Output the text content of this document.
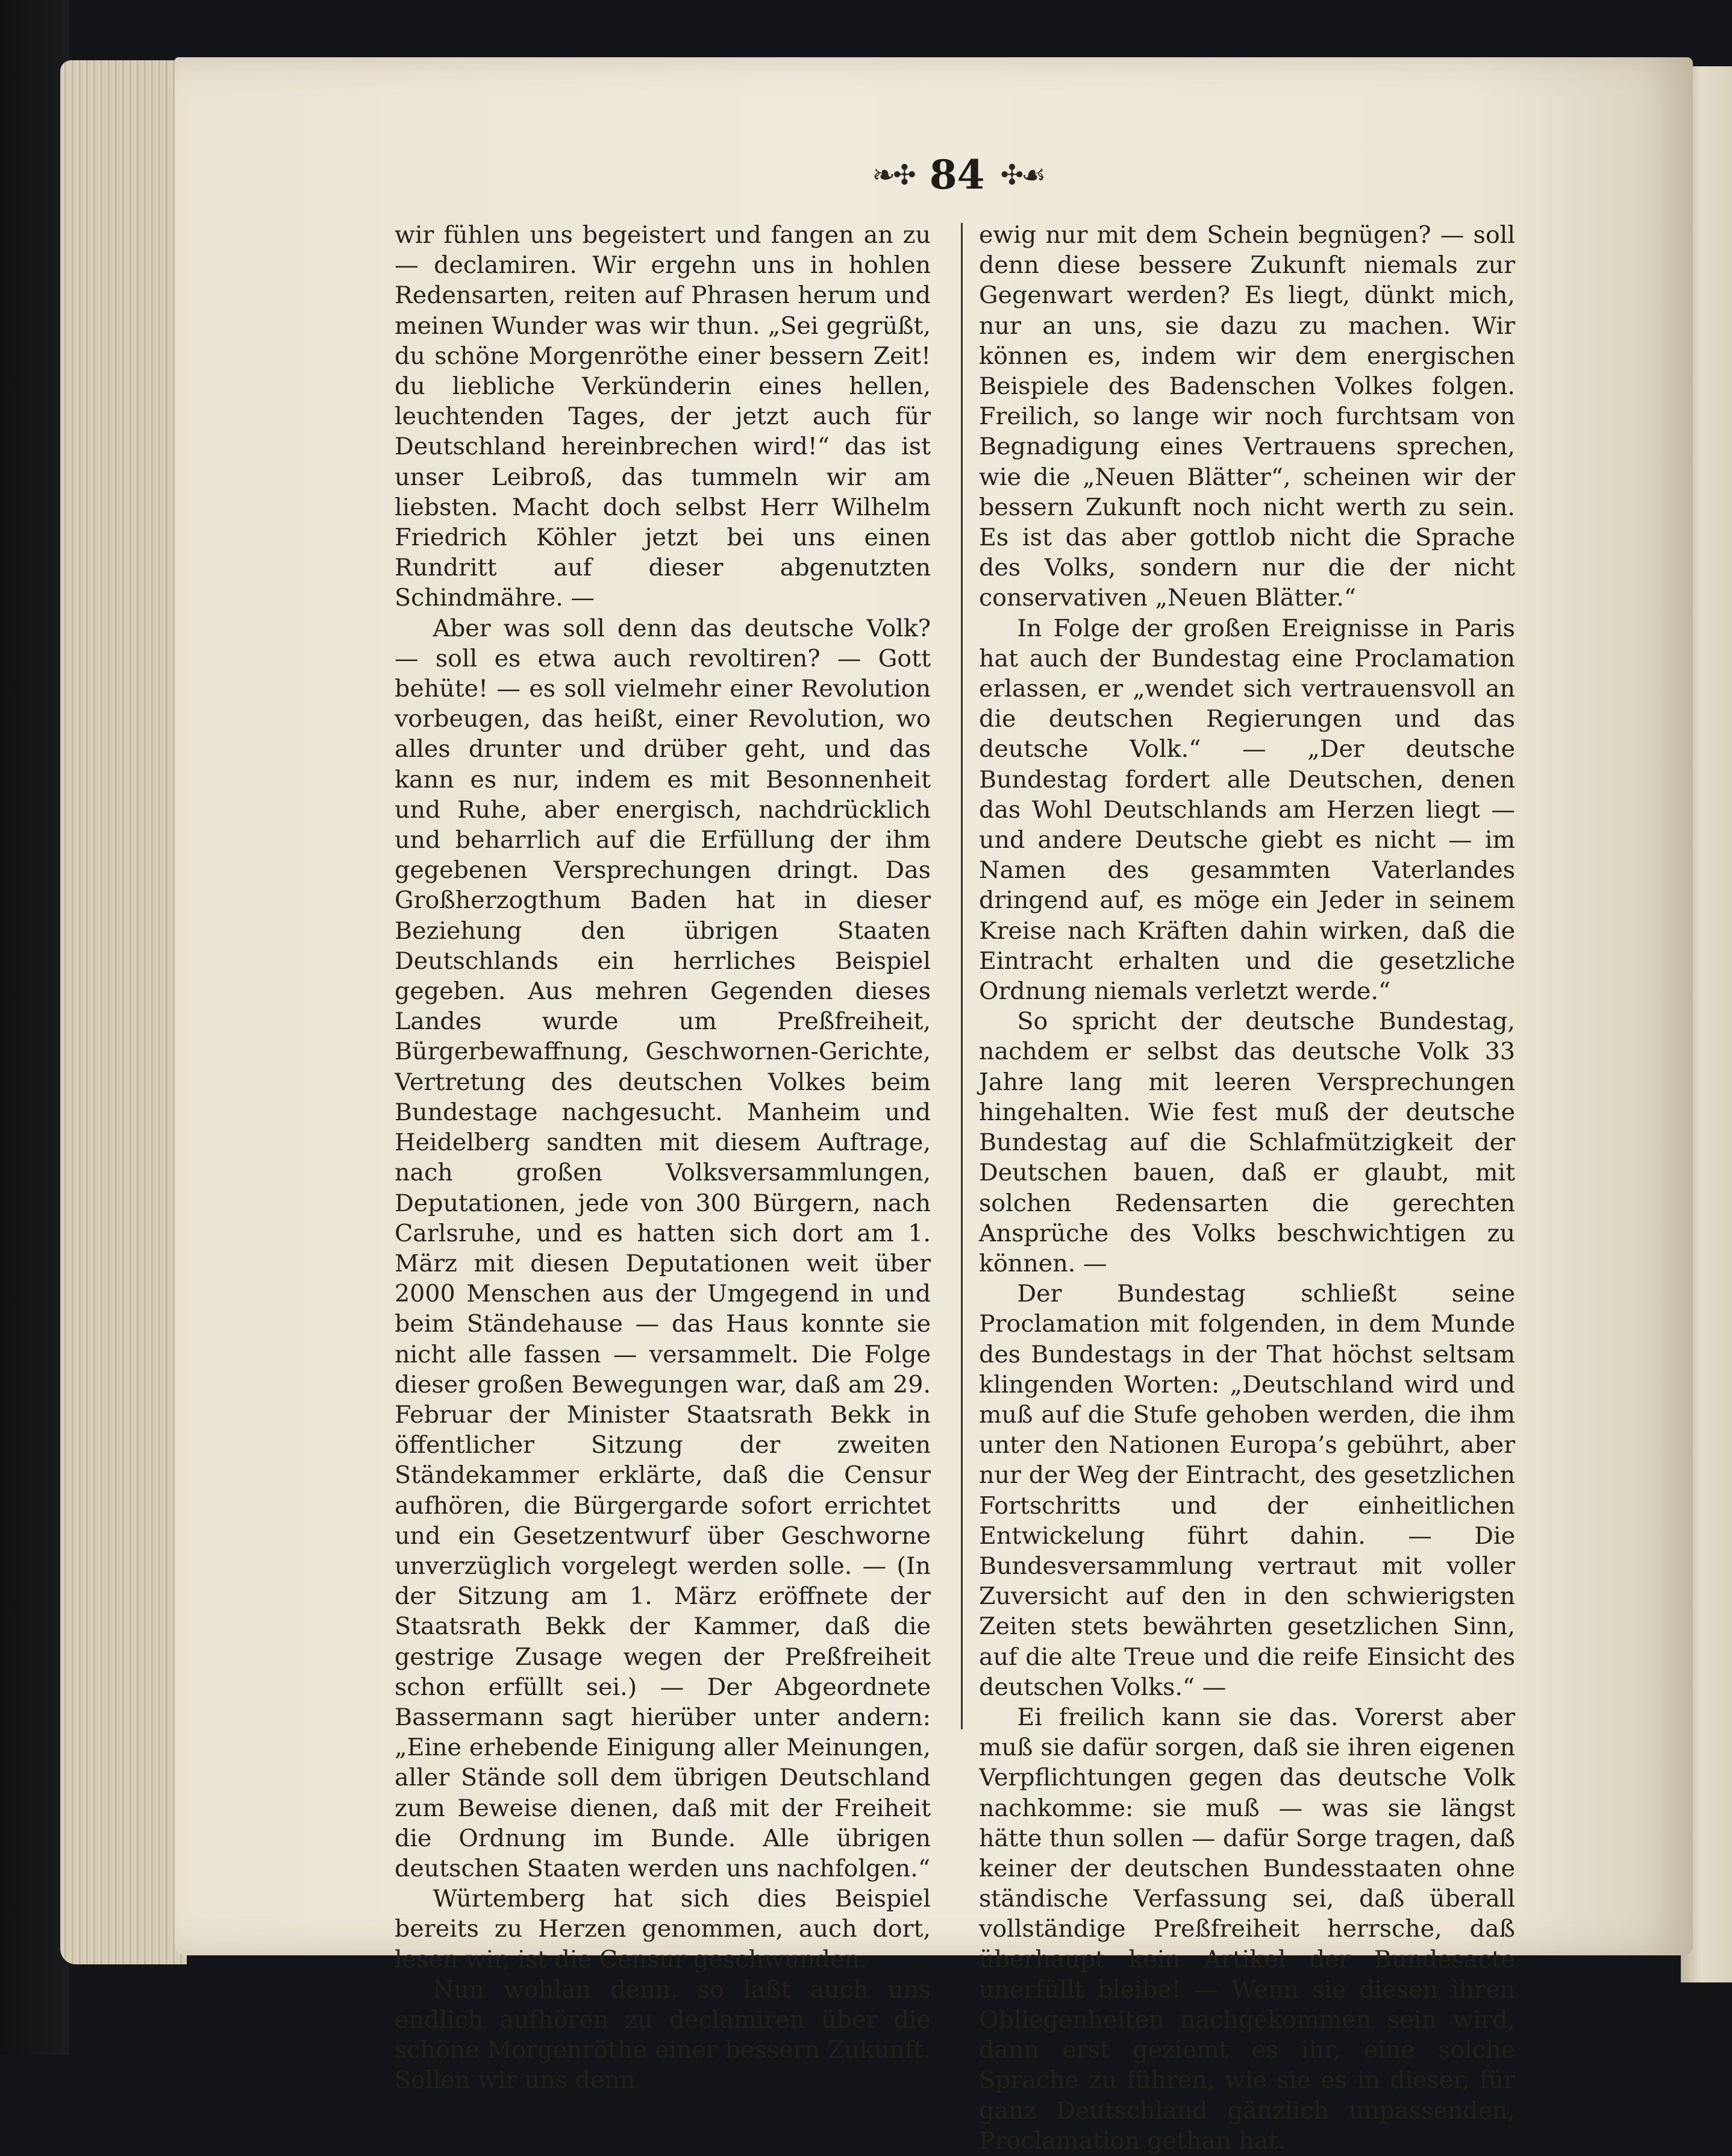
❧✣ 84 ✣☙

wir fühlen uns begeistert und fangen an zu — declamiren. Wir ergehn uns in hohlen Redensarten, reiten auf Phrasen herum und meinen Wunder was wir thun. „Sei gegrüßt, du schöne Morgenröthe einer bessern Zeit! du liebliche Verkünderin eines hellen, leuchtenden Tages, der jetzt auch für Deutschland hereinbrechen wird!“ das ist unser Leibroß, das tummeln wir am liebsten. Macht doch selbst Herr Wilhelm Friedrich Köhler jetzt bei uns einen Rundritt auf dieser abgenutzten Schindmähre. —

Aber was soll denn das deutsche Volk? — soll es etwa auch revoltiren? — Gott behüte! — es soll vielmehr einer Revolution vorbeugen, das heißt, einer Revolution, wo alles drunter und drüber geht, und das kann es nur, indem es mit Besonnenheit und Ruhe, aber energisch, nachdrücklich und beharrlich auf die Erfüllung der ihm gegebenen Versprechungen dringt. Das Großherzogthum Baden hat in dieser Beziehung den übrigen Staaten Deutschlands ein herrliches Beispiel gegeben. Aus mehren Gegenden dieses Landes wurde um Preßfreiheit, Bürgerbewaffnung, Geschwornen-Gerichte, Vertretung des deutschen Volkes beim Bundestage nachgesucht. Manheim und Heidelberg sandten mit diesem Auftrage, nach großen Volksversammlungen, Deputationen, jede von 300 Bürgern, nach Carlsruhe, und es hatten sich dort am 1. März mit diesen Deputationen weit über 2000 Menschen aus der Umgegend in und beim Ständehause — das Haus konnte sie nicht alle fassen — versammelt. Die Folge dieser großen Bewegungen war, daß am 29. Februar der Minister Staatsrath Bekk in öffentlicher Sitzung der zweiten Ständekammer erklärte, daß die Censur aufhören, die Bürgergarde sofort errichtet und ein Gesetzentwurf über Geschworne unverzüglich vorgelegt werden solle. — (In der Sitzung am 1. März eröffnete der Staatsrath Bekk der Kammer, daß die gestrige Zusage wegen der Preßfreiheit schon erfüllt sei.) — Der Abgeordnete Bassermann sagt hierüber unter andern: „Eine erhebende Einigung aller Meinungen, aller Stände soll dem übrigen Deutschland zum Beweise dienen, daß mit der Freiheit die Ordnung im Bunde. Alle übrigen deutschen Staaten werden uns nachfolgen.“

Würtemberg hat sich dies Beispiel bereits zu Herzen genommen, auch dort, lesen wir, ist die Censur geschwunden.

Nun wohlan denn, so laßt auch uns endlich aufhören zu declamiren über die schöne Morgenröthe einer bessern Zukunft. Sollen wir uns denn

ewig nur mit dem Schein begnügen? — soll denn diese bessere Zukunft niemals zur Gegenwart werden? Es liegt, dünkt mich, nur an uns, sie dazu zu machen. Wir können es, indem wir dem energischen Beispiele des Badenschen Volkes folgen. Freilich, so lange wir noch furchtsam von Begnadigung eines Vertrauens sprechen, wie die „Neuen Blätter“, scheinen wir der bessern Zukunft noch nicht werth zu sein. Es ist das aber gottlob nicht die Sprache des Volks, sondern nur die der nicht conservativen „Neuen Blätter.“

In Folge der großen Ereignisse in Paris hat auch der Bundestag eine Proclamation erlassen, er „wendet sich vertrauensvoll an die deutschen Regierungen und das deutsche Volk.“ — „Der deutsche Bundestag fordert alle Deutschen, denen das Wohl Deutschlands am Herzen liegt — und andere Deutsche giebt es nicht — im Namen des gesammten Vaterlandes dringend auf, es möge ein Jeder in seinem Kreise nach Kräften dahin wirken, daß die Eintracht erhalten und die gesetzliche Ordnung niemals verletzt werde.“

So spricht der deutsche Bundestag, nachdem er selbst das deutsche Volk 33 Jahre lang mit leeren Versprechungen hingehalten. Wie fest muß der deutsche Bundestag auf die Schlafmützigkeit der Deutschen bauen, daß er glaubt, mit solchen Redensarten die gerechten Ansprüche des Volks beschwichtigen zu können. —

Der Bundestag schließt seine Proclamation mit folgenden, in dem Munde des Bundestags in der That höchst seltsam klingenden Worten: „Deutschland wird und muß auf die Stufe gehoben werden, die ihm unter den Nationen Europa’s gebührt, aber nur der Weg der Eintracht, des gesetzlichen Fortschritts und der einheitlichen Entwickelung führt dahin. — Die Bundesversammlung vertraut mit voller Zuversicht auf den in den schwierigsten Zeiten stets bewährten gesetzlichen Sinn, auf die alte Treue und die reife Einsicht des deutschen Volks.“ —

Ei freilich kann sie das. Vorerst aber muß sie dafür sorgen, daß sie ihren eigenen Verpflichtungen gegen das deutsche Volk nachkomme: sie muß — was sie längst hätte thun sollen — dafür Sorge tragen, daß keiner der deutschen Bundesstaaten ohne ständische Verfassung sei, daß überall vollständige Preßfreiheit herrsche, daß überhaupt kein Artikel der Bundesacte unerfüllt bleibe! — Wenn sie diesen ihren Obliegenheiten nachgekommen sein wird, dann erst geziemt es ihr, eine solche Sprache zu führen, wie sie es in dieser, für ganz Deutschland gänzlich unpassenden, Proclamation gethan hat.
